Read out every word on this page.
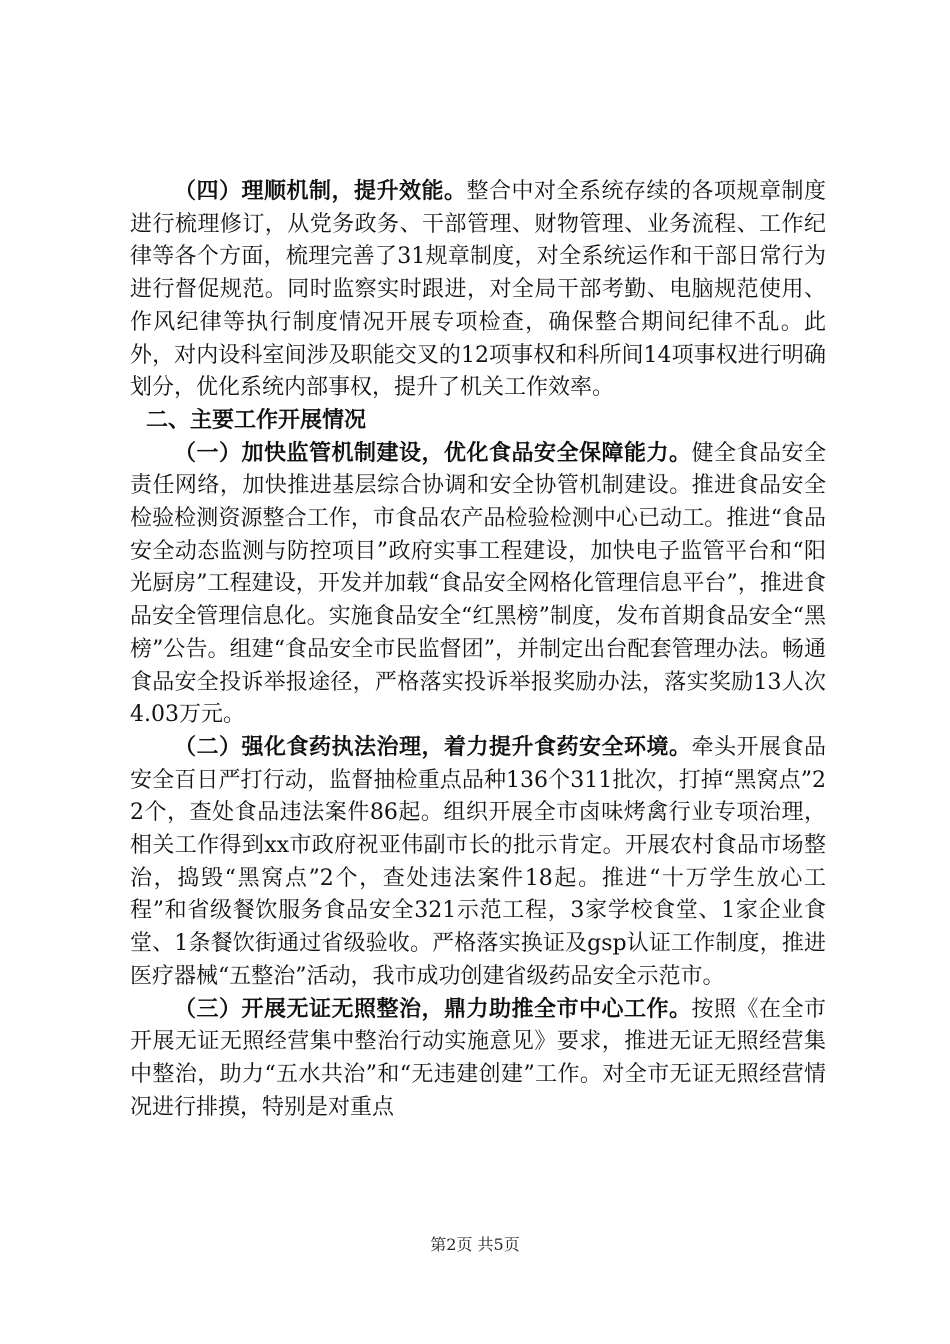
（四）理顺机制，提升效能。整合中对全系统存续的各项规章制度进行梳理修订，从党务政务、干部管理、财物管理、业务流程、工作纪律等各个方面，梳理完善了31规章制度，对全系统运作和干部日常行为进行督促规范。同时监察实时跟进，对全局干部考勤、电脑规范使用、作风纪律等执行制度情况开展专项检查，确保整合期间纪律不乱。此外，对内设科室间涉及职能交叉的12项事权和科所间14项事权进行明确划分，优化系统内部事权，提升了机关工作效率。

二、主要工作开展情况

（一）加快监管机制建设，优化食品安全保障能力。健全食品安全责任网络，加快推进基层综合协调和安全协管机制建设。推进食品安全检验检测资源整合工作，市食品农产品检验检测中心已动工。推进“食品安全动态监测与防控项目”政府实事工程建设，加快电子监管平台和“阳光厨房”工程建设，开发并加载“食品安全网格化管理信息平台”，推进食品安全管理信息化。实施食品安全“红黑榜”制度，发布首期食品安全“黑榜”公告。组建“食品安全市民监督团”，并制定出台配套管理办法。畅通食品安全投诉举报途径，严格落实投诉举报奖励办法，落实奖励13人次4.03万元。

（二）强化食药执法治理，着力提升食药安全环境。牵头开展食品安全百日严打行动，监督抽检重点品种136个311批次，打掉“黑窝点”22个，查处食品违法案件86起。组织开展全市卤味烤禽行业专项治理，相关工作得到xx市政府祝亚伟副市长的批示肯定。开展农村食品市场整治，捣毁“黑窝点”2个，查处违法案件18起。推进“十万学生放心工程”和省级餐饮服务食品安全321示范工程，3家学校食堂、1家企业食堂、1条餐饮街通过省级验收。严格落实换证及gsp认证工作制度，推进医疗器械“五整治”活动，我市成功创建省级药品安全示范市。

（三）开展无证无照整治，鼎力助推全市中心工作。按照《在全市开展无证无照经营集中整治行动实施意见》要求，推进无证无照经营集中整治，助力“五水共治”和“无违建创建”工作。对全市无证无照经营情况进行排摸，特别是对重点

第2页 共5页
